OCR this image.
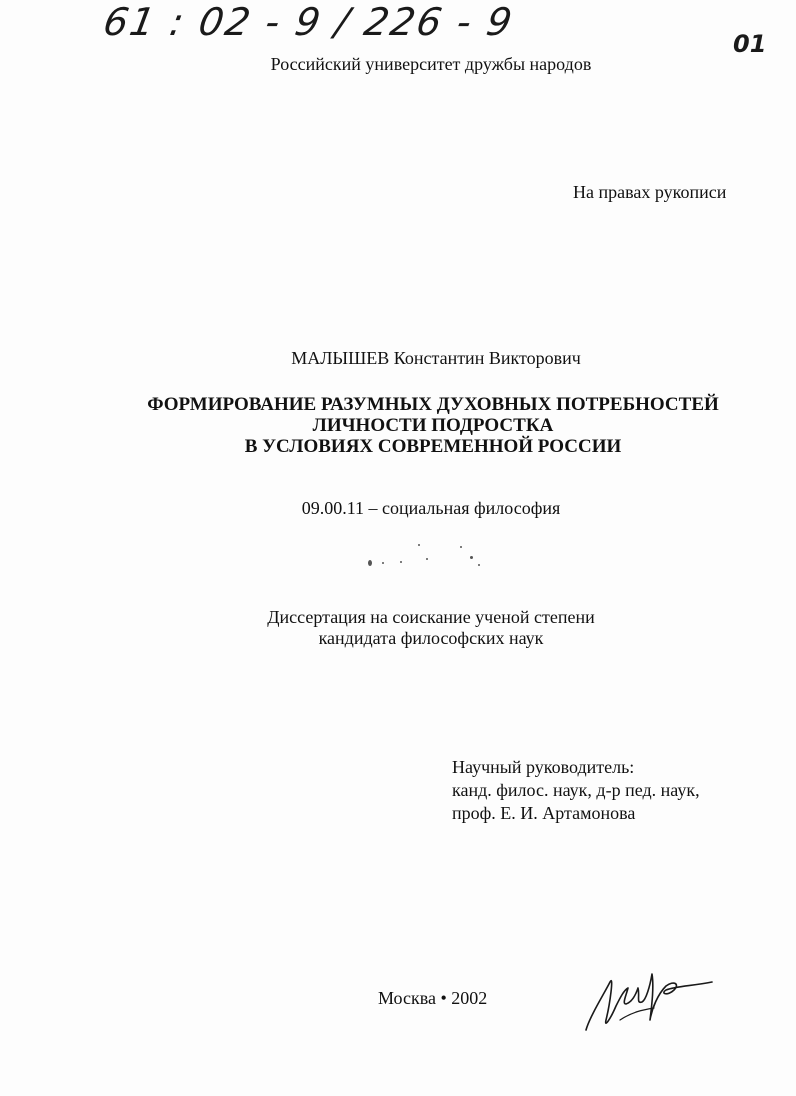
61 : 02 - 9 / 226 - 9	01
Российский университет дружбы народов
На правах рукописи
МАЛЫШЕВ Константин Викторович
ФОРМИРОВАНИЕ РАЗУМНЫХ ДУХОВНЫХ ПОТРЕБНОСТЕЙ
ЛИЧНОСТИ ПОДРОСТКА
В УСЛОВИЯХ СОВРЕМЕННОЙ РОССИИ
09.00.11 – социальная философия
Диссертация на соискание ученой степени
кандидата философских наук
Научный руководитель:
канд. филос. наук, д-р пед. наук,
проф. Е. И. Артамонова
Москва • 2002
